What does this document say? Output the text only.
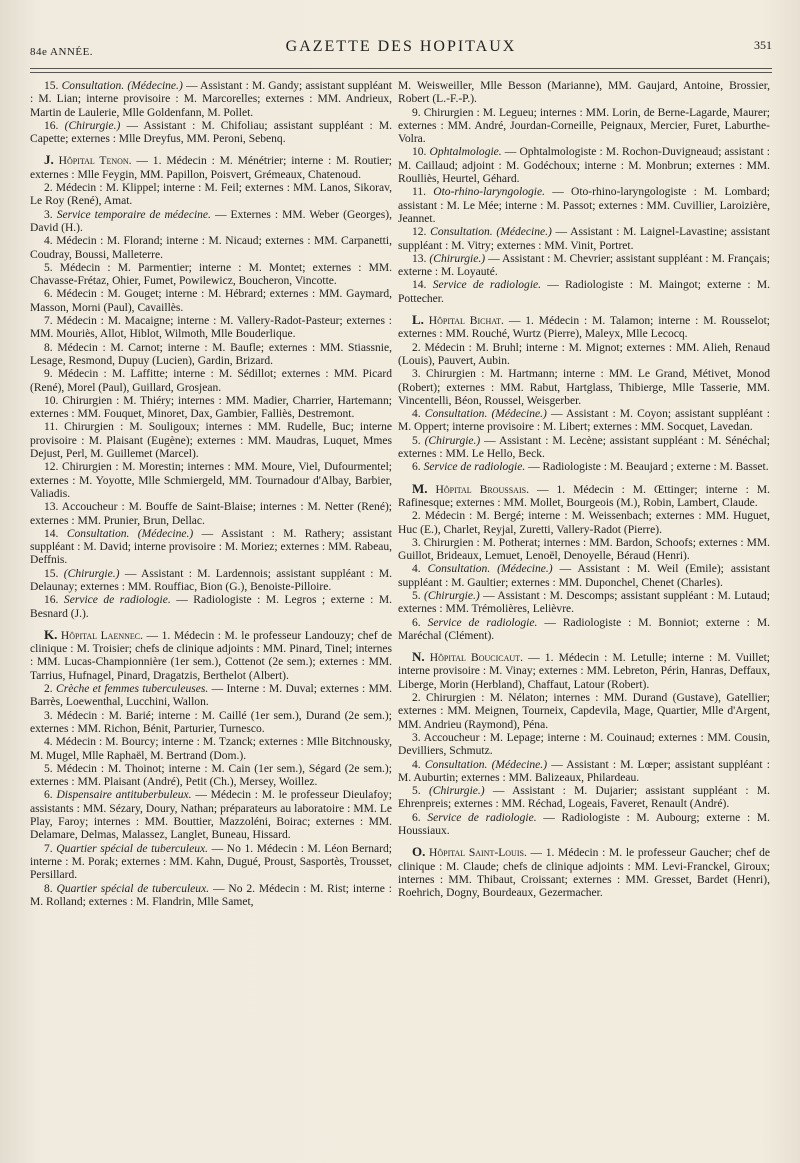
84e ANNÉE.	GAZETTE DES HOPITAUX	351

15. Consultation. (Médecine.) — Assistant : M. Gandy; assistant suppléant : M. Lian; interne provisoire : M. Marcorelles; externes : MM. Andrieux, Martin de Laulerie, Mlle Goldenfann, M. Pollet.

16. (Chirurgie.) — Assistant : M. Chifoliau; assistant suppléant : M. Capette; externes : Mlle Dreyfus, MM. Peroni, Sebenq.

J. Hôpital Tenon. — 1. Médecin : M. Ménétrier; interne : M. Routier; externes : Mlle Feygin, MM. Papillon, Poisvert, Grémeaux, Chatenoud.

2. Médecin : M. Klippel; interne : M. Feil; externes : MM. Lanos, Sikorav, Le Roy (René), Amat.

3. Service temporaire de médecine. — Externes : MM. Weber (Georges), David (H.).

4. Médecin : M. Florand; interne : M. Nicaud; externes : MM. Carpanetti, Coudray, Boussi, Malleterre.

5. Médecin : M. Parmentier; interne : M. Montet; externes : MM. Chavasse-Frétaz, Ohier, Fumet, Powilewicz, Boucheron, Vincotte.

6. Médecin : M. Gouget; interne : M. Hébrard; externes : MM. Gaymard, Masson, Morni (Paul), Cavaillès.

7. Médecin : M. Macaigne; interne : M. Vallery-Radot-Pasteur; externes : MM. Mouriès, Allot, Hiblot, Wilmoth, Mlle Bouderlique.

8. Médecin : M. Carnot; interne : M. Baufle; externes : MM. Stiassnie, Lesage, Resmond, Dupuy (Lucien), Gardin, Brizard.

9. Médecin : M. Laffitte; interne : M. Sédillot; externes : MM. Picard (René), Morel (Paul), Guillard, Grosjean.

10. Chirurgien : M. Thiéry; internes : MM. Madier, Charrier, Hartemann; externes : MM. Fouquet, Minoret, Dax, Gambier, Falliès, Destremont.

11. Chirurgien : M. Souligoux; internes : MM. Rudelle, Buc; interne provisoire : M. Plaisant (Eugène); externes : MM. Maudras, Luquet, Mmes Dejust, Perl, M. Guillemet (Marcel).

12. Chirurgien : M. Morestin; internes : MM. Moure, Viel, Dufourmentel; externes : M. Yoyotte, Mlle Schmiergeld, MM. Tournadour d'Albay, Barbier, Valiadis.

13. Accoucheur : M. Bouffe de Saint-Blaise; internes : M. Netter (René); externes : MM. Prunier, Brun, Dellac.

14. Consultation. (Médecine.) — Assistant : M. Rathery; assistant suppléant : M. David; interne provisoire : M. Moriez; externes : MM. Rabeau, Deffnis.

15. (Chirurgie.) — Assistant : M. Lardennois; assistant suppléant : M. Delaunay; externes : MM. Rouffiac, Bion (G.), Benoiste-Pilloire.

16. Service de radiologie. — Radiologiste : M. Legros ; externe : M. Besnard (J.).

K. Hôpital Laennec. — 1. Médecin : M. le professeur Landouzy; chef de clinique : M. Troisier; chefs de clinique adjoints : MM. Pinard, Tinel; internes : MM. Lucas-Championnière (1er sem.), Cottenot (2e sem.); externes : MM. Tarrius, Hufnagel, Pinard, Dragatzis, Berthelot (Albert).

2. Crèche et femmes tuberculeuses. — Interne : M. Duval; externes : MM. Barrès, Loewenthal, Lucchini, Wallon.

3. Médecin : M. Barié; interne : M. Caillé (1er sem.), Durand (2e sem.); externes : MM. Richon, Bénit, Parturier, Turnesco.

4. Médecin : M. Bourcy; interne : M. Tzanck; externes : Mlle Bitchnousky, M. Mugel, Mlle Raphaël, M. Bertrand (Dom.).

5. Médecin : M. Thoinot; interne : M. Cain (1er sem.), Ségard (2e sem.); externes : MM. Plaisant (André), Petit (Ch.), Mersey, Woillez.

6. Dispensaire antituberbuleux. — Médecin : M. le professeur Dieulafoy; assistants : MM. Sézary, Doury, Nathan; préparateurs au laboratoire : MM. Le Play, Faroy; internes : MM. Bouttier, Mazzoléni, Boirac; externes : MM. Delamare, Delmas, Malassez, Langlet, Buneau, Hissard.

7. Quartier spécial de tuberculeux. — No 1. Médecin : M. Léon Bernard; interne : M. Porak; externes : MM. Kahn, Dugué, Proust, Sasportès, Trousset, Persillard.

8. Quartier spécial de tuberculeux. — No 2. Médecin : M. Rist; interne : M. Rolland; externes : M. Flandrin, Mlle Samet,

M. Weisweiller, Mlle Besson (Marianne), MM. Gaujard, Antoine, Brossier, Robert (L.-F.-P.).

9. Chirurgien : M. Legueu; internes : MM. Lorin, de Berne-Lagarde, Maurer; externes : MM. André, Jourdan-Corneille, Peignaux, Mercier, Furet, Laburthe-Volra.

10. Ophtalmologie. — Ophtalmologiste : M. Rochon-Duvigneaud; assistant : M. Caillaud; adjoint : M. Godéchoux; interne : M. Monbrun; externes : MM. Roulliès, Heurtel, Géhard.

11. Oto-rhino-laryngologie. — Oto-rhino-laryngologiste : M. Lombard; assistant : M. Le Mée; interne : M. Passot; externes : MM. Cuvillier, Laroizière, Jeannet.

12. Consultation. (Médecine.) — Assistant : M. Laignel-Lavastine; assistant suppléant : M. Vitry; externes : MM. Vinit, Portret.

13. (Chirurgie.) — Assistant : M. Chevrier; assistant suppléant : M. Français; externe : M. Loyauté.

14. Service de radiologie. — Radiologiste : M. Maingot; externe : M. Pottecher.

L. Hôpital Bichat. — 1. Médecin : M. Talamon; interne : M. Rousselot; externes : MM. Rouché, Wurtz (Pierre), Maleyx, Mlle Lecocq.

2. Médecin : M. Bruhl; interne : M. Mignot; externes : MM. Alieh, Renaud (Louis), Pauvert, Aubin.

3. Chirurgien : M. Hartmann; interne : MM. Le Grand, Métivet, Monod (Robert); externes : MM. Rabut, Hartglass, Thibierge, Mlle Tasserie, MM. Vincentelli, Béon, Roussel, Weisgerber.

4. Consultation. (Médecine.) — Assistant : M. Coyon; assistant suppléant : M. Oppert; interne provisoire : M. Libert; externes : MM. Socquet, Lavedan.

5. (Chirurgie.) — Assistant : M. Lecène; assistant suppléant : M. Sénéchal; externes : MM. Le Hello, Beck.

6. Service de radiologie. — Radiologiste : M. Beaujard ; externe : M. Basset.

M. Hôpital Broussais. — 1. Médecin : M. Œttinger; interne : M. Rafinesque; externes : MM. Mollet, Bourgeois (M.), Robin, Lambert, Claude.

2. Médecin : M. Bergé; interne : M. Weissenbach; externes : MM. Huguet, Huc (E.), Charlet, Reyjal, Zuretti, Vallery-Radot (Pierre).

3. Chirurgien : M. Potherat; internes : MM. Bardon, Schoofs; externes : MM. Guillot, Brideaux, Lemuet, Lenoël, Denoyelle, Béraud (Henri).

4. Consultation. (Médecine.) — Assistant : M. Weil (Emile); assistant suppléant : M. Gaultier; externes : MM. Duponchel, Chenet (Charles).

5. (Chirurgie.) — Assistant : M. Descomps; assistant suppléant : M. Lutaud; externes : MM. Trémolières, Lelièvre.

6. Service de radiologie. — Radiologiste : M. Bonniot; externe : M. Maréchal (Clément).

N. Hôpital Boucicaut. — 1. Médecin : M. Letulle; interne : M. Vuillet; interne provisoire : M. Vinay; externes : MM. Lebreton, Périn, Hanras, Deffaux, Liberge, Morin (Herbland), Chaffaut, Latour (Robert).

2. Chirurgien : M. Nélaton; internes : MM. Durand (Gustave), Gatellier; externes : MM. Meignen, Tourneix, Capdevila, Mage, Quartier, Mlle d'Argent, MM. Andrieu (Raymond), Péna.

3. Accoucheur : M. Lepage; interne : M. Couinaud; externes : MM. Cousin, Devilliers, Schmutz.

4. Consultation. (Médecine.) — Assistant : M. Lœper; assistant suppléant : M. Auburtin; externes : MM. Balizeaux, Philardeau.

5. (Chirurgie.) — Assistant : M. Dujarier; assistant suppléant : M. Ehrenpreis; externes : MM. Réchad, Logeais, Faveret, Renault (André).

6. Service de radiologie. — Radiologiste : M. Aubourg; externe : M. Houssiaux.

O. Hôpital Saint-Louis. — 1. Médecin : M. le professeur Gaucher; chef de clinique : M. Claude; chefs de clinique adjoints : MM. Levi-Franckel, Giroux; internes : MM. Thibaut, Croissant; externes : MM. Gresset, Bardet (Henri), Roehrich, Dogny, Bourdeaux, Gezermacher.
